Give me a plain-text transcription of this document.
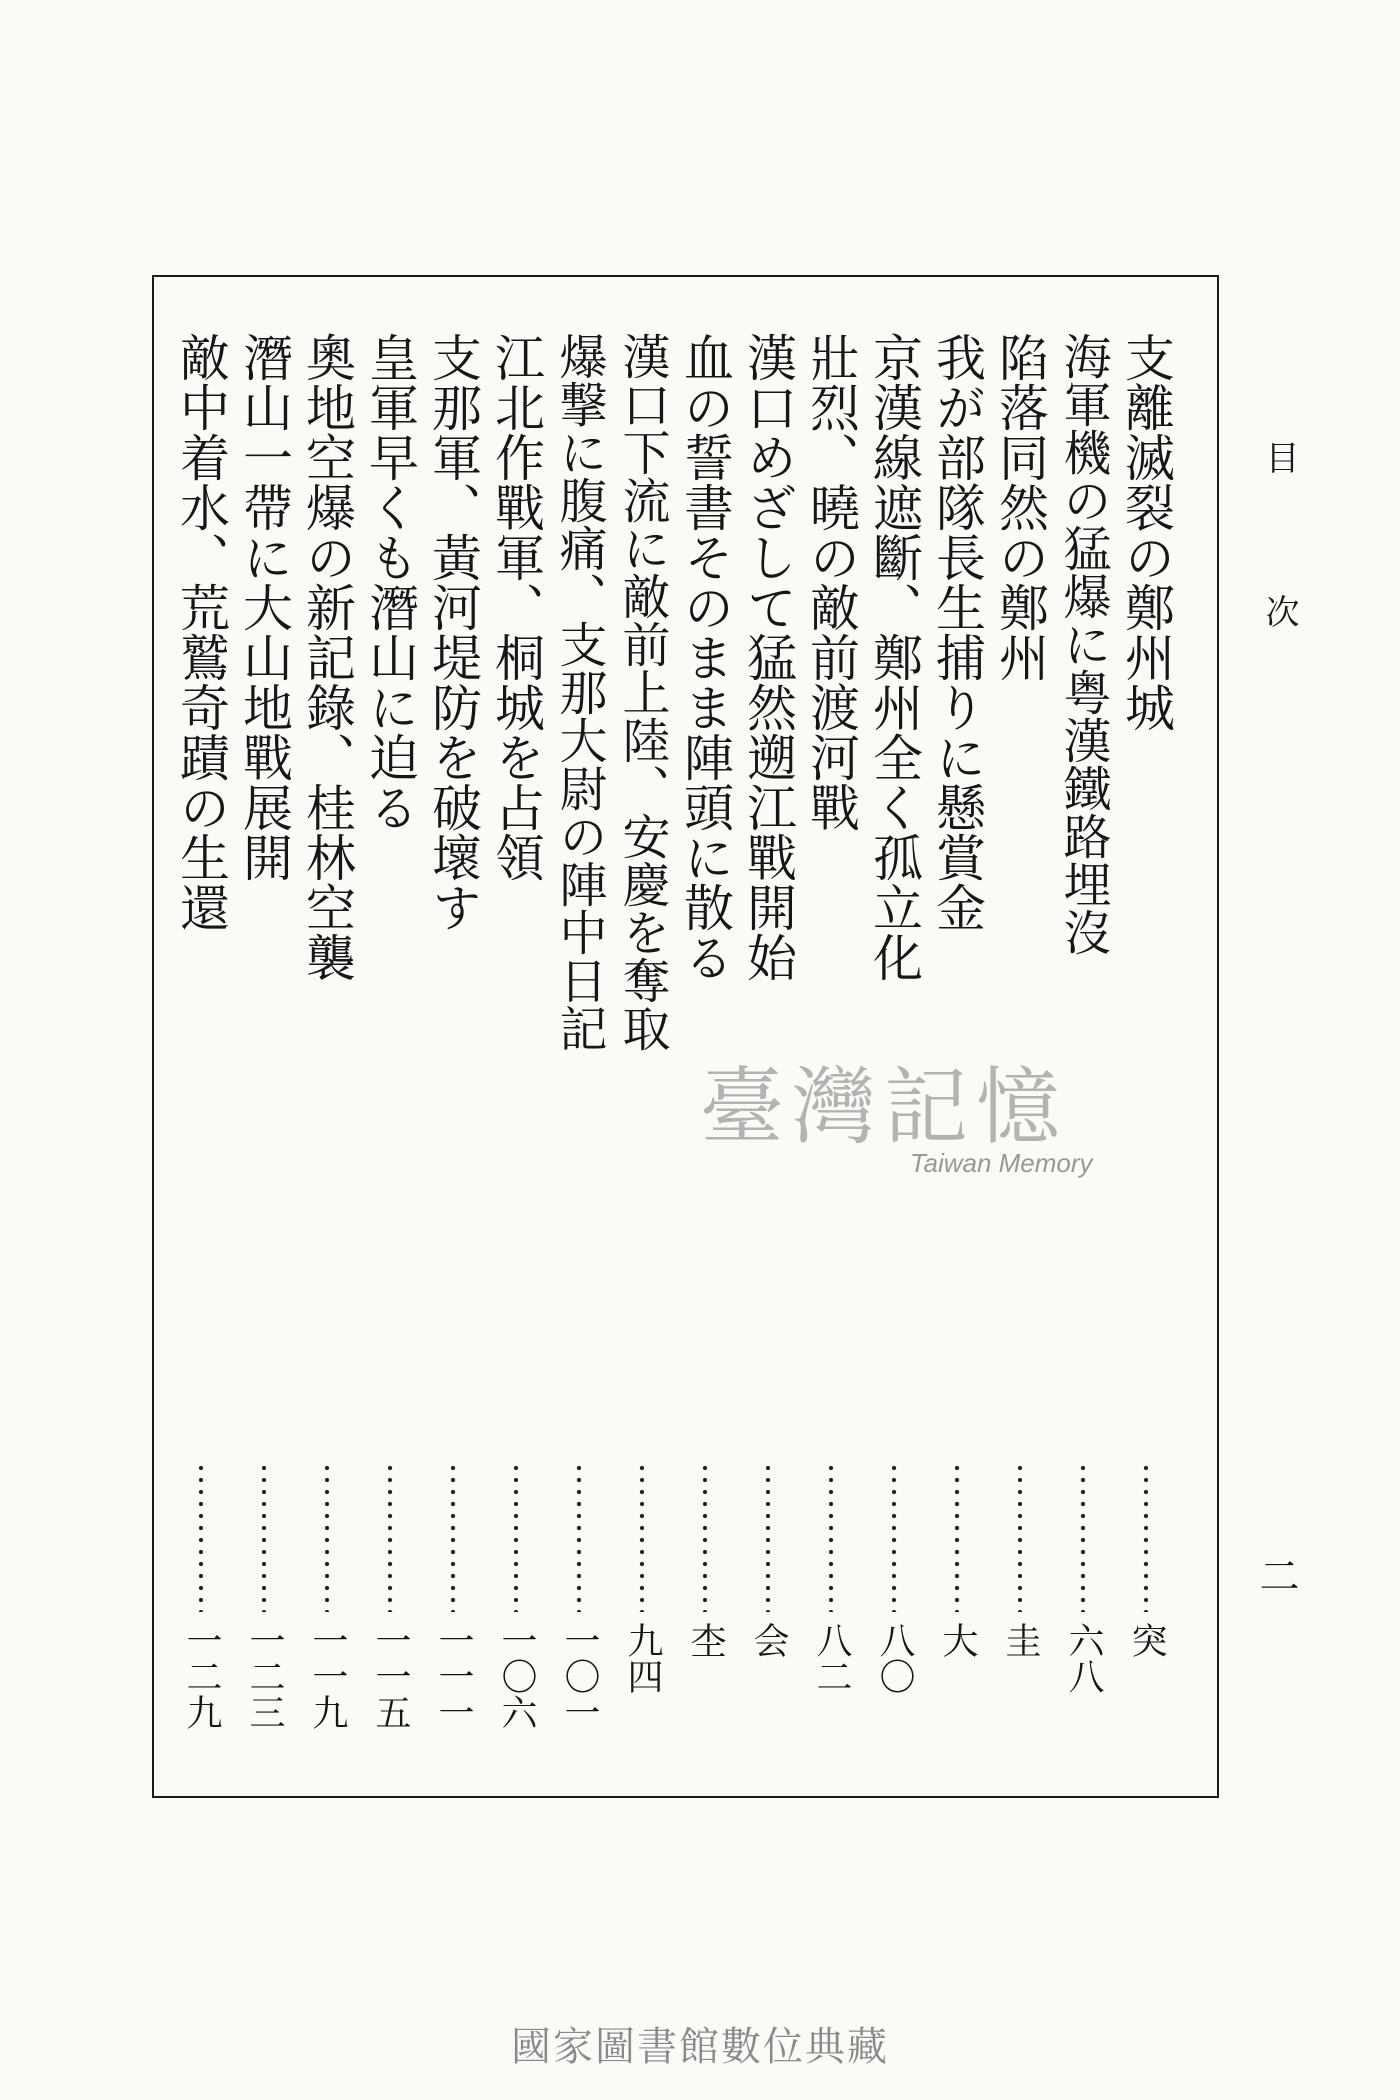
目次
二
支離滅裂の鄭州城
突
海軍機の猛爆に粤漢鐵路埋沒
六八
陷落同然の鄭州
圭
我が部隊長生捕りに懸賞金
大
京漢線遮斷、鄭州全く孤立化
八〇
壯烈、曉の敵前渡河戰
八二
漢口めざして猛然遡江戰開始
会
血の誓書そのまま陣頭に散る
杢
漢口下流に敵前上陸、安慶を奪取
九四
爆撃に腹痛、支那大尉の陣中日記
一〇一
江北作戰軍、桐城を占領
一〇六
支那軍、黃河堤防を破壞す
一一一
皇軍早くも潛山に迫る
一一五
奧地空爆の新記錄、桂林空襲
一一九
潛山一帶に大山地戰展開
一二三
敵中着水、荒鷲奇蹟の生還
一二九
臺灣記憶
Taiwan Memory
國家圖書館數位典藏
